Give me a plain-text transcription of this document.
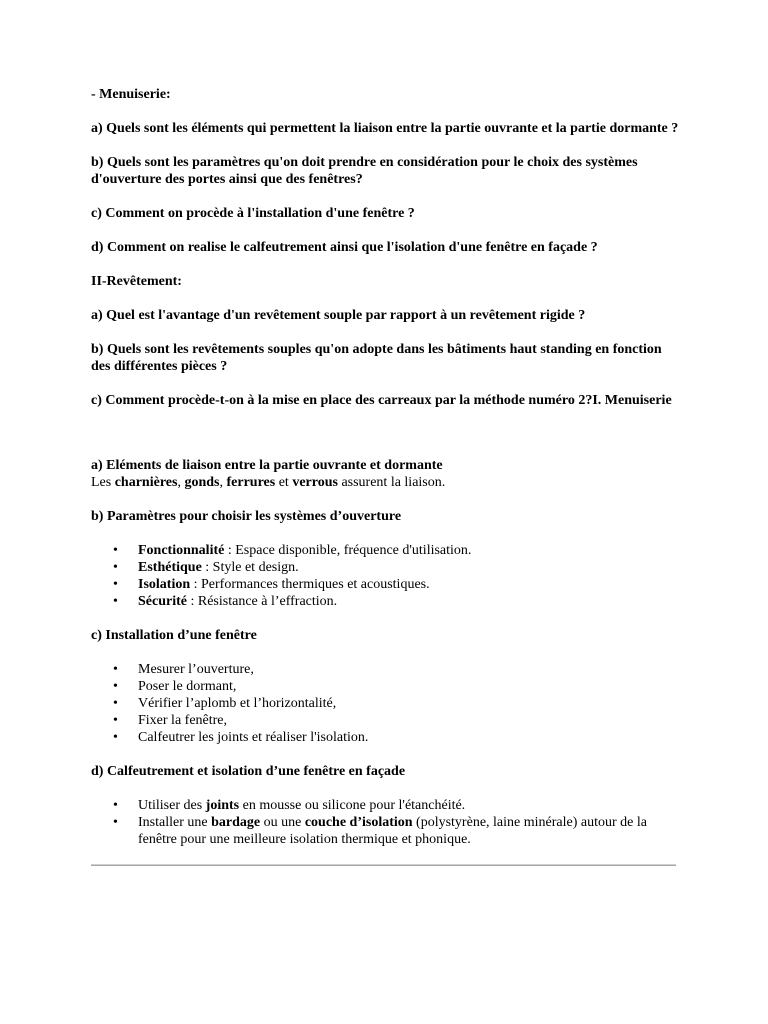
- Menuiserie:

a) Quels sont les éléments qui permettent la liaison entre la partie ouvrante et la partie dormante ?

b) Quels sont les paramètres qu'on doit prendre en considération pour le choix des systèmes d'ouverture des portes ainsi que des fenêtres?

c) Comment on procède à l'installation d'une fenêtre ?

d) Comment on realise le calfeutrement ainsi que l'isolation d'une fenêtre en façade ?

II-Revêtement:

a) Quel est l'avantage d'un revêtement souple par rapport à un revêtement rigide ?

b) Quels sont les revêtements souples qu'on adopte dans les bâtiments haut standing en fonction des différentes pièces ?

c) Comment procède-t-on à la mise en place des carreaux par la méthode numéro 2?I. Menuiserie

a) Eléments de liaison entre la partie ouvrante et dormante

Les charnières, gonds, ferrures et verrous assurent la liaison.

b) Paramètres pour choisir les systèmes d’ouverture

• Fonctionnalité : Espace disponible, fréquence d'utilisation.
• Esthétique : Style et design.
• Isolation : Performances thermiques et acoustiques.
• Sécurité : Résistance à l’effraction.

c) Installation d’une fenêtre

• Mesurer l’ouverture,
• Poser le dormant,
• Vérifier l’aplomb et l’horizontalité,
• Fixer la fenêtre,
• Calfeutrer les joints et réaliser l'isolation.

d) Calfeutrement et isolation d’une fenêtre en façade

• Utiliser des joints en mousse ou silicone pour l'étanchéité.
• Installer une bardage ou une couche d’isolation (polystyrène, laine minérale) autour de la fenêtre pour une meilleure isolation thermique et phonique.
